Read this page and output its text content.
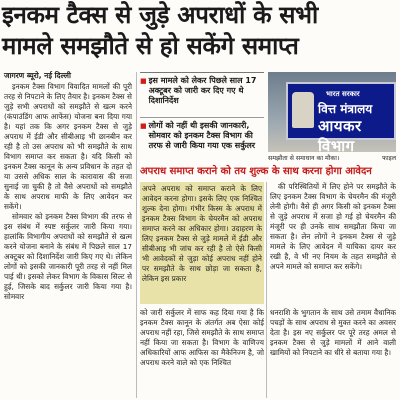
इनकम टैक्स से जुड़े अपराधों के सभी
मामले समझौते से हो सकेंगे समाप्त
जागरण ब्यूरो, नई दिल्ली

इनकम टैक्स विभाग विवादित मामलों की पूरी तरह से निपटाने के लिए तैयार है। इनकम टैक्स से जुड़े सभी अपराधों को समझौते से खत्म करने (कंपाउंडिंग आफ आफेंस) योजना बना दिया गया है। यहां तक कि अगर इनकम टैक्स से जुड़े अपराध में ईडी और सीबीआइ भी छानबीन कर रही है तो उस अपराध को भी समझौते के साथ विभाग समाप्त कर सकता है। यदि किसी को इनकम टैक्स कानून के अन्य प्रविधान के तहत दो या उससे अधिक साल के कारावास की सजा सुनाई जा चुकी है तो वैसे अपराधों को समझौते के साथ अपराध माफी के लिए आवेदन कर सकेंगे।

सोमवार को इनकम टैक्स विभाग की तरफ से इस संबंध में स्पष्ट सर्कुलर जारी किया गया। हालांकि विभागीय अपराधों को समझौते से खत्म करने योजना बनाने के संबंध में पिछले साल 17 अक्टूबर को दिशानिर्देश जारी किए गए थे। लेकिन लोगों को इसकी जानकारी पूरी तरह से नहीं मिल पाई थी। इसको लेकर विभाग के विकास सिल्ट से हुई, जिसके बाद सर्कुलर जारी किया गया है। सोमवार

■ इस मामले को लेकर पिछले साल 17 अक्टूबर को जारी कर दिए गए थे दिशानिर्देश
■ लोगों को नहीं थी इसकी जानकारी, सोमवार को इनकम टैक्स विभाग की तरफ से जारी किया गया एक सर्कुलर
भारत सरकार
वित्त मंत्रालय
आयकर विभाग
समझौता से समाधान का मौका।	फाइल
अपराध समाप्त कराने को तय शुल्क के साथ करना होगा आवेदन
अपने अपराध को समाप्त कराने के लिए आवेदन करना होगा। इसके लिए एक निश्चित शुल्क देना होगा। गंभीर किस्म के अपराध में इनकम टैक्स विभाग के चेयरमैन को अपराध समाप्त करने का अधिकार होगा। उदाहरण के लिए इनकम टैक्स से जुड़े मामले में ईडी और सीबीआइ भी जांच कर रही है तो ऐसे किसी भी आवेदकों से जुड़ा कोई अपराध नहीं होने पर समझौते के साथ छोड़ा जा सकता है, लेकिन इस प्रकार

की परिस्थितियों में लिए होने पर समझौते के लिए इनकम टैक्स विभाग के चेयरमैन की मंजूरी लेनी होगी। वैसे ही अगर किसी को इनकम टैक्स से जुड़े अपराध में सजा हो गई हो चेयरमैन की मंजूरी पर ही उनके साथ समझौता किया जा सकता है। लेन लोगों ने इनकम टैक्स से जुड़े मामले के लिए आवेदन में याचिका दायर कर रखी है, वे भी नए नियम के तहत समझौते से अपने मामले को समाप्त कर सकेंगे।

को जारी सर्कुलर में साफ कह दिया गया है कि इनकम टैक्स कानून के अंतर्गत अब ऐसा कोई अपराध नहीं रहा, जिसे समझौते के साथ समाप्त नहीं किया जा सकता है। विभाग के वाणिज्य अधिकारियों आफ आफिस का मैकेनिज्म है, जो अपराध करने वाले को एक निश्चित

धनराशि के भुगतान के साथ उसे तमाम वैधानिक पचड़ों के साथ अपराध से मुक्त करने का अवसर देता है। इस नए सर्कुलर पर पूरे तरह अमल से इनकम टैक्स से जुड़े मामलों में आने वाली खामियों को निपटाने का धीरे से बताया गया है।
